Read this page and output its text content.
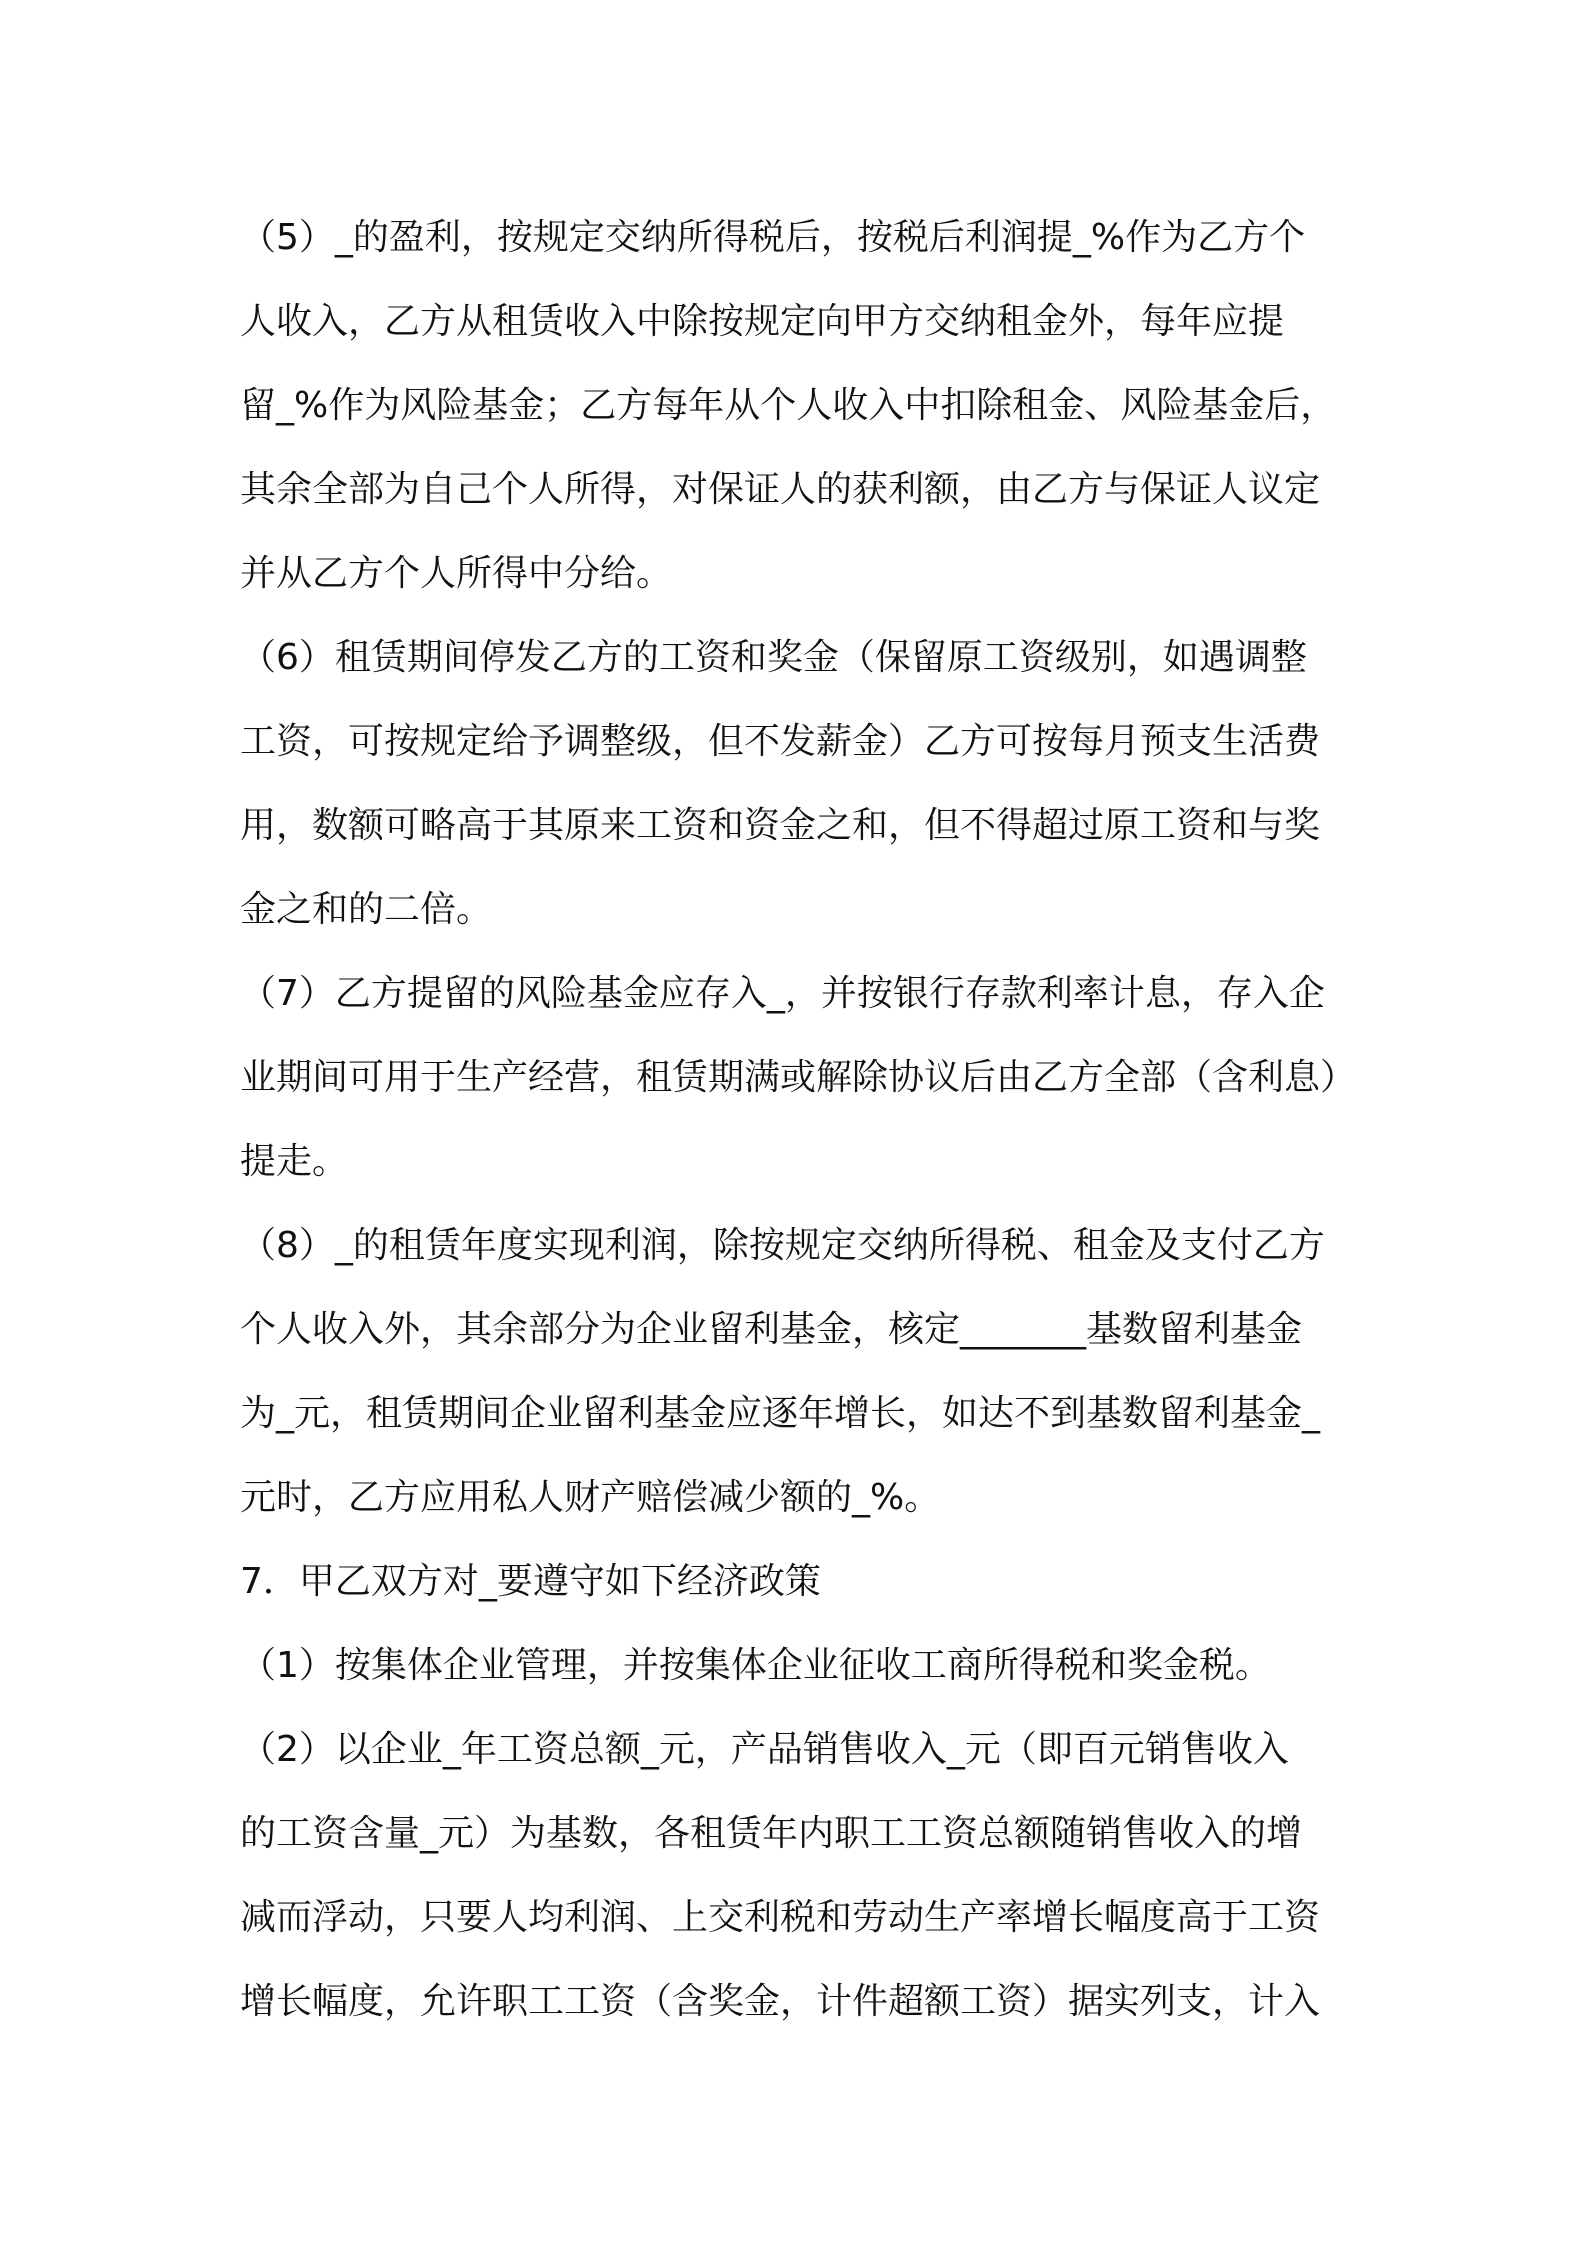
（5）_的盈利，按规定交纳所得税后，按税后利润提_%作为乙方个
人收入，乙方从租赁收入中除按规定向甲方交纳租金外，每年应提
留_%作为风险基金；乙方每年从个人收入中扣除租金、风险基金后，
其余全部为自己个人所得，对保证人的获利额，由乙方与保证人议定
并从乙方个人所得中分给。
（6）租赁期间停发乙方的工资和奖金（保留原工资级别，如遇调整
工资，可按规定给予调整级，但不发薪金）乙方可按每月预支生活费
用，数额可略高于其原来工资和资金之和，但不得超过原工资和与奖
金之和的二倍。
（7）乙方提留的风险基金应存入_，并按银行存款利率计息，存入企
业期间可用于生产经营，租赁期满或解除协议后由乙方全部（含利息）
提走。
（8）_的租赁年度实现利润，除按规定交纳所得税、租金及支付乙方
个人收入外，其余部分为企业留利基金，核定_______基数留利基金
为_元，租赁期间企业留利基金应逐年增长，如达不到基数留利基金_
元时，乙方应用私人财产赔偿减少额的_%。
7．甲乙双方对_要遵守如下经济政策
（1）按集体企业管理，并按集体企业征收工商所得税和奖金税。
（2）以企业_年工资总额_元，产品销售收入_元（即百元销售收入
的工资含量_元）为基数，各租赁年内职工工资总额随销售收入的增
减而浮动，只要人均利润、上交利税和劳动生产率增长幅度高于工资
增长幅度，允许职工工资（含奖金，计件超额工资）据实列支，计入
